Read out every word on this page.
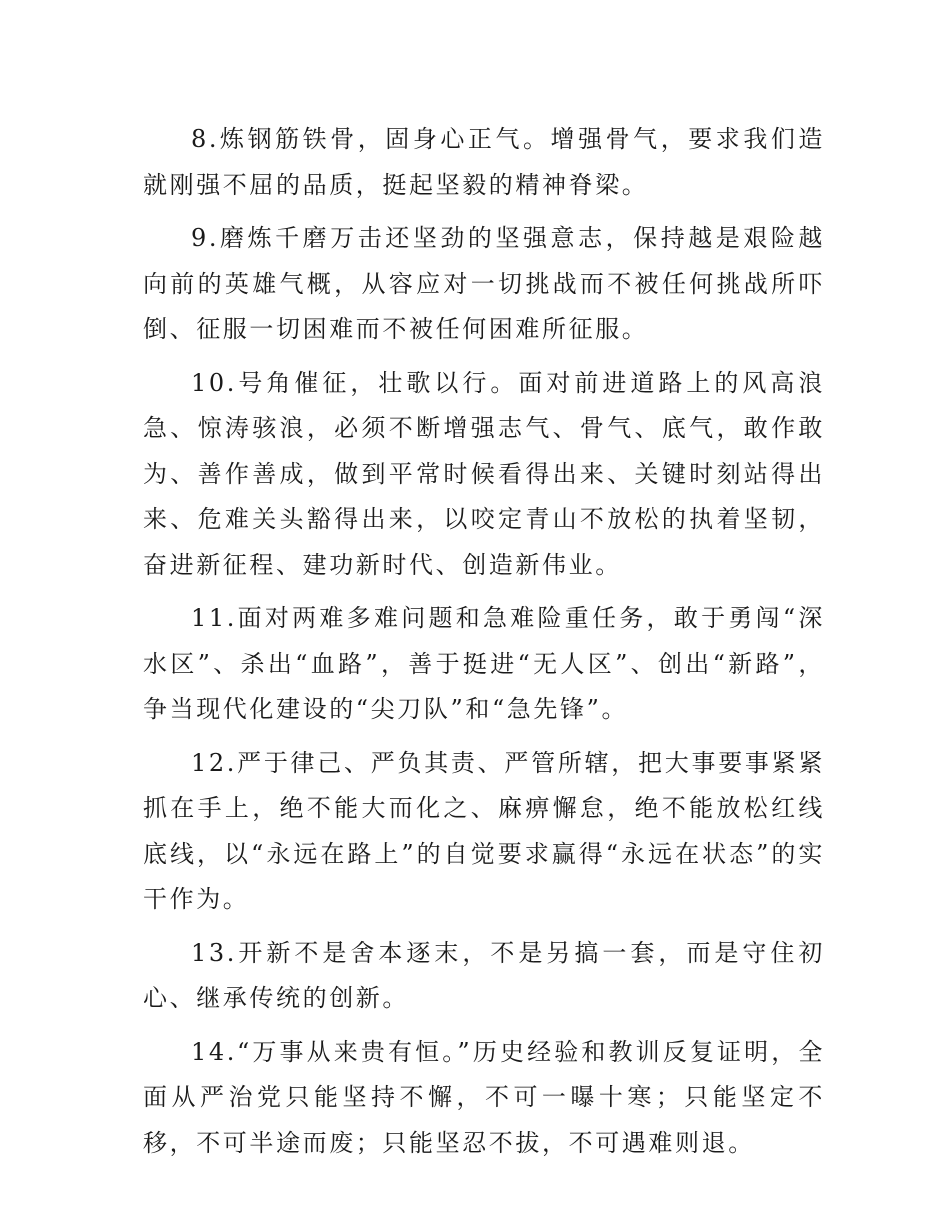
8.炼钢筋铁骨，固身心正气。增强骨气，要求我们造就刚强不屈的品质，挺起坚毅的精神脊梁。

9.磨炼千磨万击还坚劲的坚强意志，保持越是艰险越向前的英雄气概，从容应对一切挑战而不被任何挑战所吓倒、征服一切困难而不被任何困难所征服。

10.号角催征，壮歌以行。面对前进道路上的风高浪急、惊涛骇浪，必须不断增强志气、骨气、底气，敢作敢为、善作善成，做到平常时候看得出来、关键时刻站得出来、危难关头豁得出来，以咬定青山不放松的执着坚韧，奋进新征程、建功新时代、创造新伟业。

11.面对两难多难问题和急难险重任务，敢于勇闯“深水区”、杀出“血路”，善于挺进“无人区”、创出“新路”，争当现代化建设的“尖刀队”和“急先锋”。

12.严于律己、严负其责、严管所辖，把大事要事紧紧抓在手上，绝不能大而化之、麻痹懈怠，绝不能放松红线底线，以“永远在路上”的自觉要求赢得“永远在状态”的实干作为。

13.开新不是舍本逐末，不是另搞一套，而是守住初心、继承传统的创新。

14.“万事从来贵有恒。”历史经验和教训反复证明，全面从严治党只能坚持不懈，不可一曝十寒；只能坚定不移，不可半途而废；只能坚忍不拔，不可遇难则退。
